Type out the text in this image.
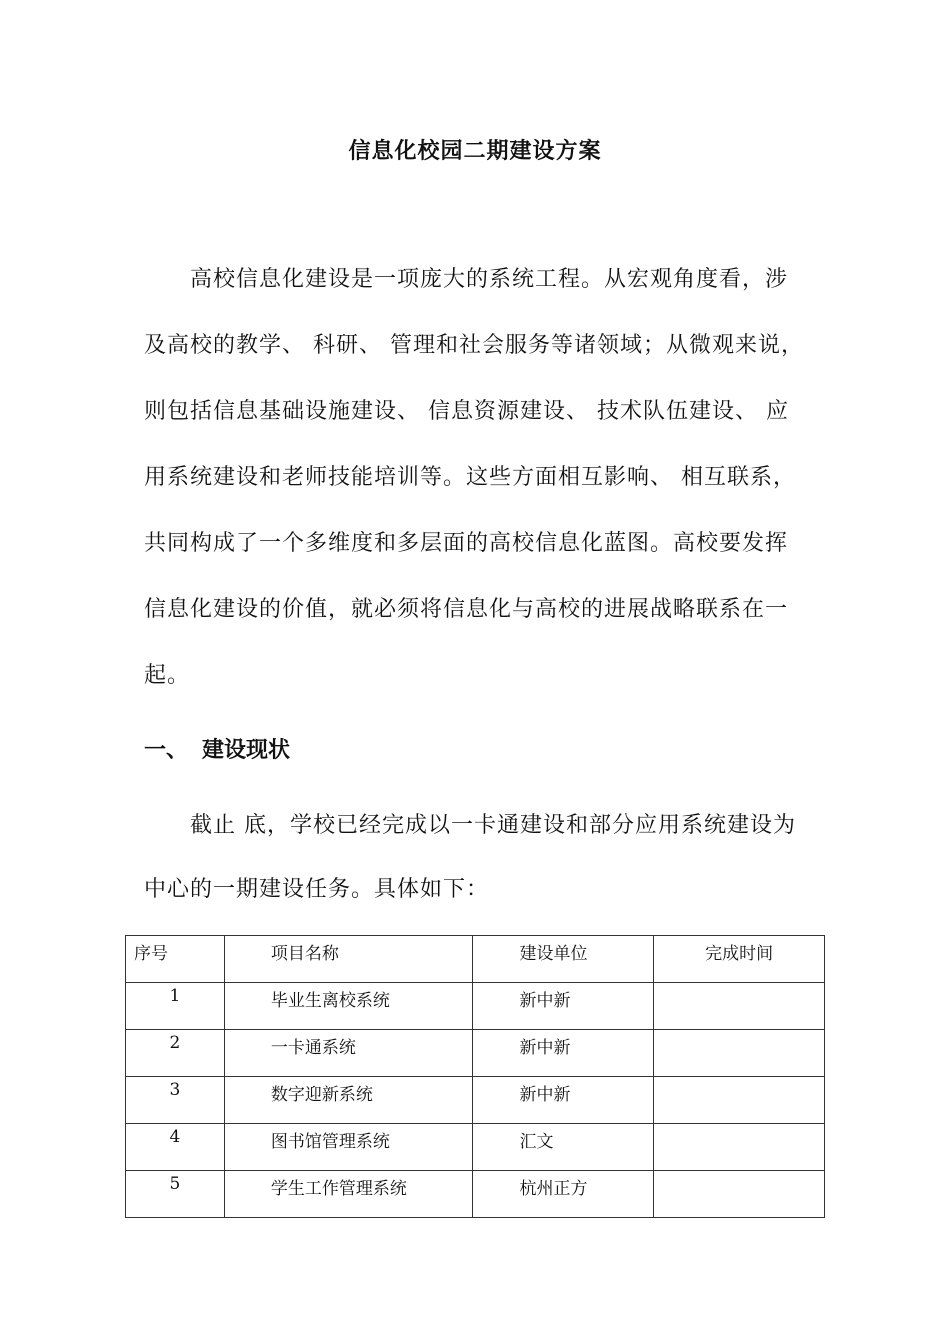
信息化校园二期建设方案
　　高校信息化建设是一项庞大的系统工程。从宏观角度看，涉
及高校的教学、 科研、 管理和社会服务等诸领域；从微观来说，
则包括信息基础设施建设、 信息资源建设、 技术队伍建设、 应
用系统建设和老师技能培训等。这些方面相互影响、 相互联系，
共同构成了一个多维度和多层面的高校信息化蓝图。高校要发挥
信息化建设的价值，就必须将信息化与高校的进展战略联系在一
起。
一、 建设现状
　　截止 底，学校已经完成以一卡通建设和部分应用系统建设为
中心的一期建设任务。具体如下：
序号	项目名称	建设单位	完成时间
1	毕业生离校系统	新中新	
2	一卡通系统	新中新	
3	数字迎新系统	新中新	
4	图书馆管理系统	汇文	
5	学生工作管理系统	杭州正方	
